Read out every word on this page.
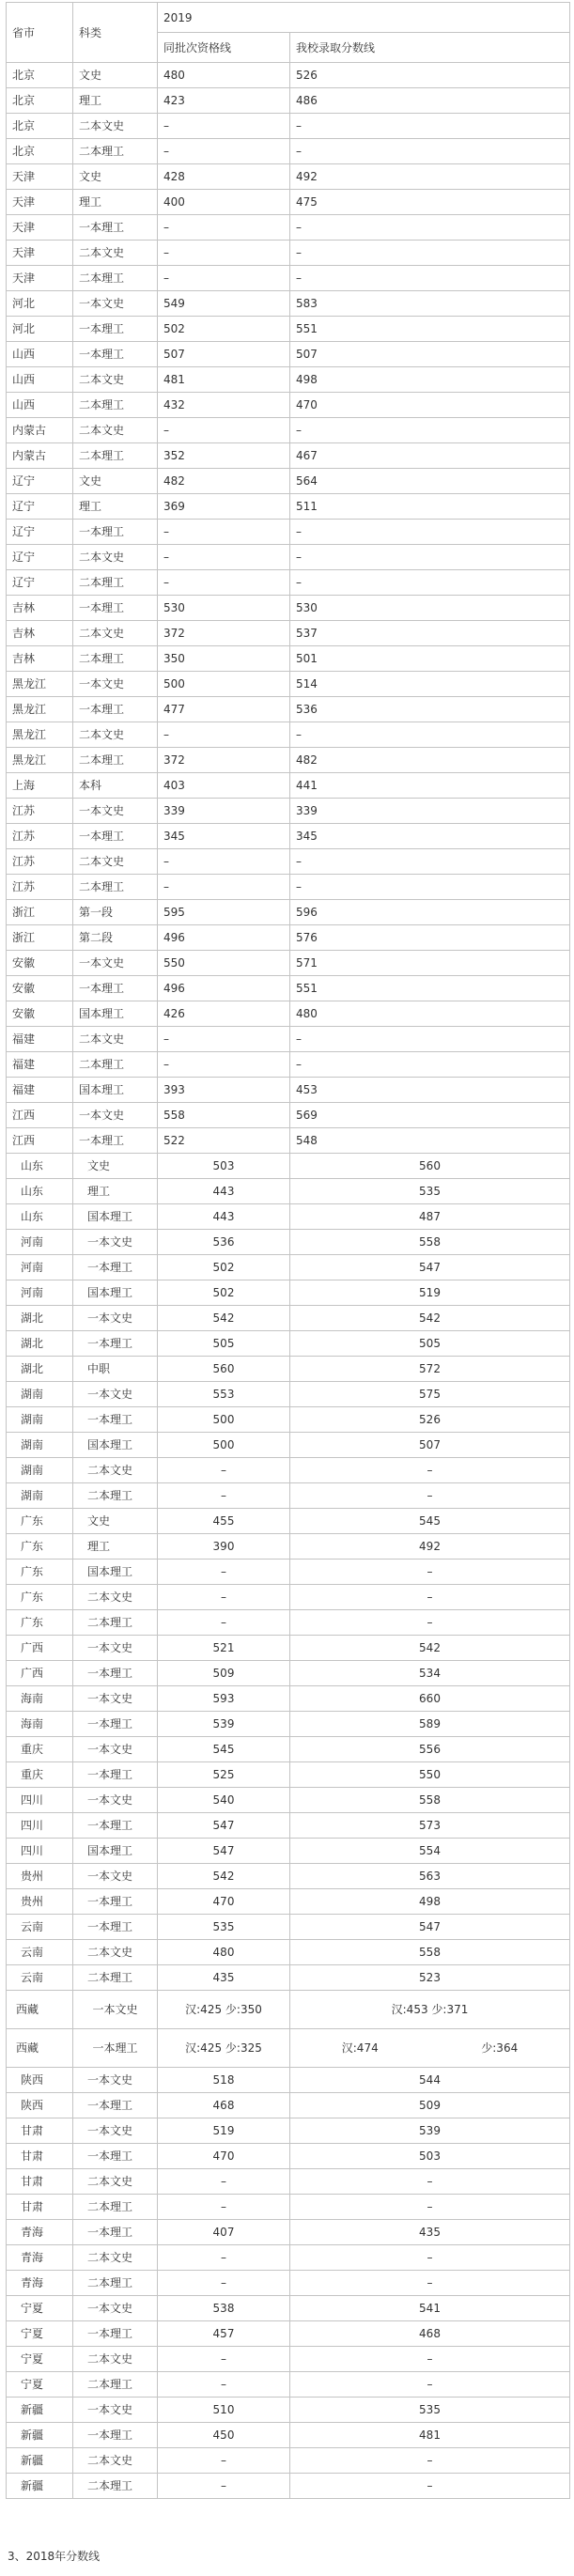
省市	科类	2019	
		同批次资格线	我校录取分数线
北京	文史	480	526
北京	理工	423	486
北京	二本文史	–	–
北京	二本理工	–	–
天津	文史	428	492
天津	理工	400	475
天津	一本理工	–	–
天津	二本文史	–	–
天津	二本理工	–	–
河北	一本文史	549	583
河北	一本理工	502	551
山西	一本理工	507	507
山西	二本文史	481	498
山西	二本理工	432	470
内蒙古	二本文史	–	–
内蒙古	二本理工	352	467
辽宁	文史	482	564
辽宁	理工	369	511
辽宁	一本理工	–	–
辽宁	二本文史	–	–
辽宁	二本理工	–	–
吉林	一本理工	530	530
吉林	二本文史	372	537
吉林	二本理工	350	501
黑龙江	一本文史	500	514
黑龙江	一本理工	477	536
黑龙江	二本文史	–	–
黑龙江	二本理工	372	482
上海	本科	403	441
江苏	一本文史	339	339
江苏	一本理工	345	345
江苏	二本文史	–	–
江苏	二本理工	–	–
浙江	第一段	595	596
浙江	第二段	496	576
安徽	一本文史	550	571
安徽	一本理工	496	551
安徽	国本理工	426	480
福建	二本文史	–	–
福建	二本理工	–	–
福建	国本理工	393	453
江西	一本文史	558	569
江西	一本理工	522	548
山东	文史	503	560
山东	理工	443	535
山东	国本理工	443	487
河南	一本文史	536	558
河南	一本理工	502	547
河南	国本理工	502	519
湖北	一本文史	542	542
湖北	一本理工	505	505
湖北	中职	560	572
湖南	一本文史	553	575
湖南	一本理工	500	526
湖南	国本理工	500	507
湖南	二本文史	–	–
湖南	二本理工	–	–
广东	文史	455	545
广东	理工	390	492
广东	国本理工	–	–
广东	二本文史	–	–
广东	二本理工	–	–
广西	一本文史	521	542
广西	一本理工	509	534
海南	一本文史	593	660
海南	一本理工	539	589
重庆	一本文史	545	556
重庆	一本理工	525	550
四川	一本文史	540	558
四川	一本理工	547	573
四川	国本理工	547	554
贵州	一本文史	542	563
贵州	一本理工	470	498
云南	一本理工	535	547
云南	二本文史	480	558
云南	二本理工	435	523
西藏	一本文史	汉:425 少:350	汉:453 少:371
西藏	一本理工	汉:425 少:325	汉:474 少:364

陕西	一本文史	518	544
陕西	一本理工	468	509
甘肃	一本文史	519	539
甘肃	一本理工	470	503
甘肃	二本文史	–	–
甘肃	二本理工	–	–
青海	一本理工	407	435
青海	二本文史	–	–
青海	二本理工	–	–
宁夏	一本文史	538	541
宁夏	一本理工	457	468
宁夏	二本文史	–	–
宁夏	二本理工	–	–
新疆	一本文史	510	535
新疆	一本理工	450	481
新疆	二本文史	–	–
新疆	二本理工	–	–
3、2018年分数线
